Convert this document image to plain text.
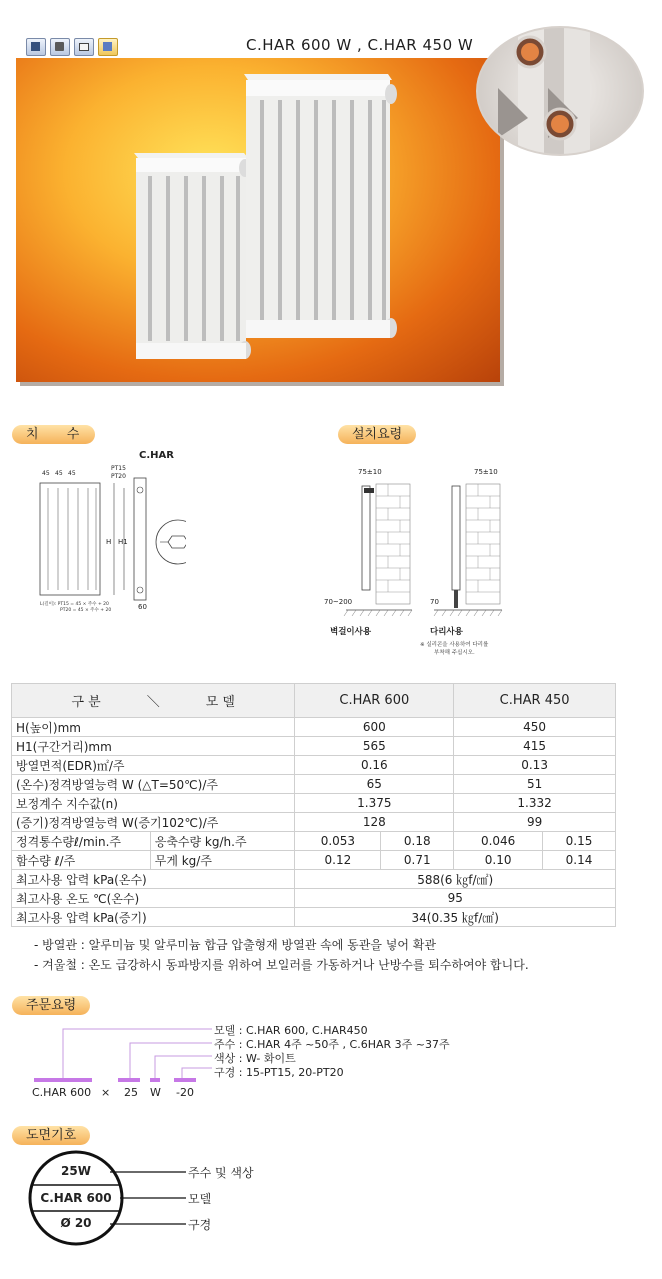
C.HAR 600 W , C.HAR 450 W
치 수	설치요령
C.HAR
45 45 45
PT15
PT20
H H1
60
L(길이): PT15 = 45 × 주수 + 20
PT20 = 45 × 주수 + 20
75±10
70~200
벽걸이사용
75±10
70
다리사용
※ 실리콘을 사용하여 다리를
부착해 주십시오.
구 분 ＼ 모 델		C.HAR 600		C.HAR 450	
H(높이)mm		600		450	
H1(구간거리)mm		565		415	
방열면적(EDR)㎡/주		0.16		0.13	
(온수)정격방열능력 W (△T=50℃)/주		65		51	
보정계수 지수값(n)		1.375		1.332	
(증기)정격방열능력 W(증기102℃)/주		128		99	
정격통수량ℓ/min.주	응축수량 kg/h.주	0.053	0.18	0.046	0.15
함수량 ℓ/주	무게 kg/주	0.12	0.71	0.10	0.14
최고사용 압력 kPa(온수)		588(6 ㎏f/㎠)			
최고사용 온도 ℃(온수)		95			
최고사용 압력 kPa(증기)		34(0.35 ㎏f/㎠)			
- 방열관 : 알루미늄 및 알루미늄 합금 압출형재 방열관 속에 동관을 넣어 확관
- 겨울철 : 온도 급강하시 동파방지를 위하여 보일러를 가동하거나 난방수를 퇴수하여야 합니다.
주문요령
모델 : C.HAR 600, C.HAR450
주수 : C.HAR 4주 ~50주 , C.6HAR 3주 ~37주
색상 : W- 화이트
구경 : 15-PT15, 20-PT20
C.HAR 600 × 25 W -20
도면기호
25W
C.HAR 600
Ø 20
주수 및 색상
모델
구경
